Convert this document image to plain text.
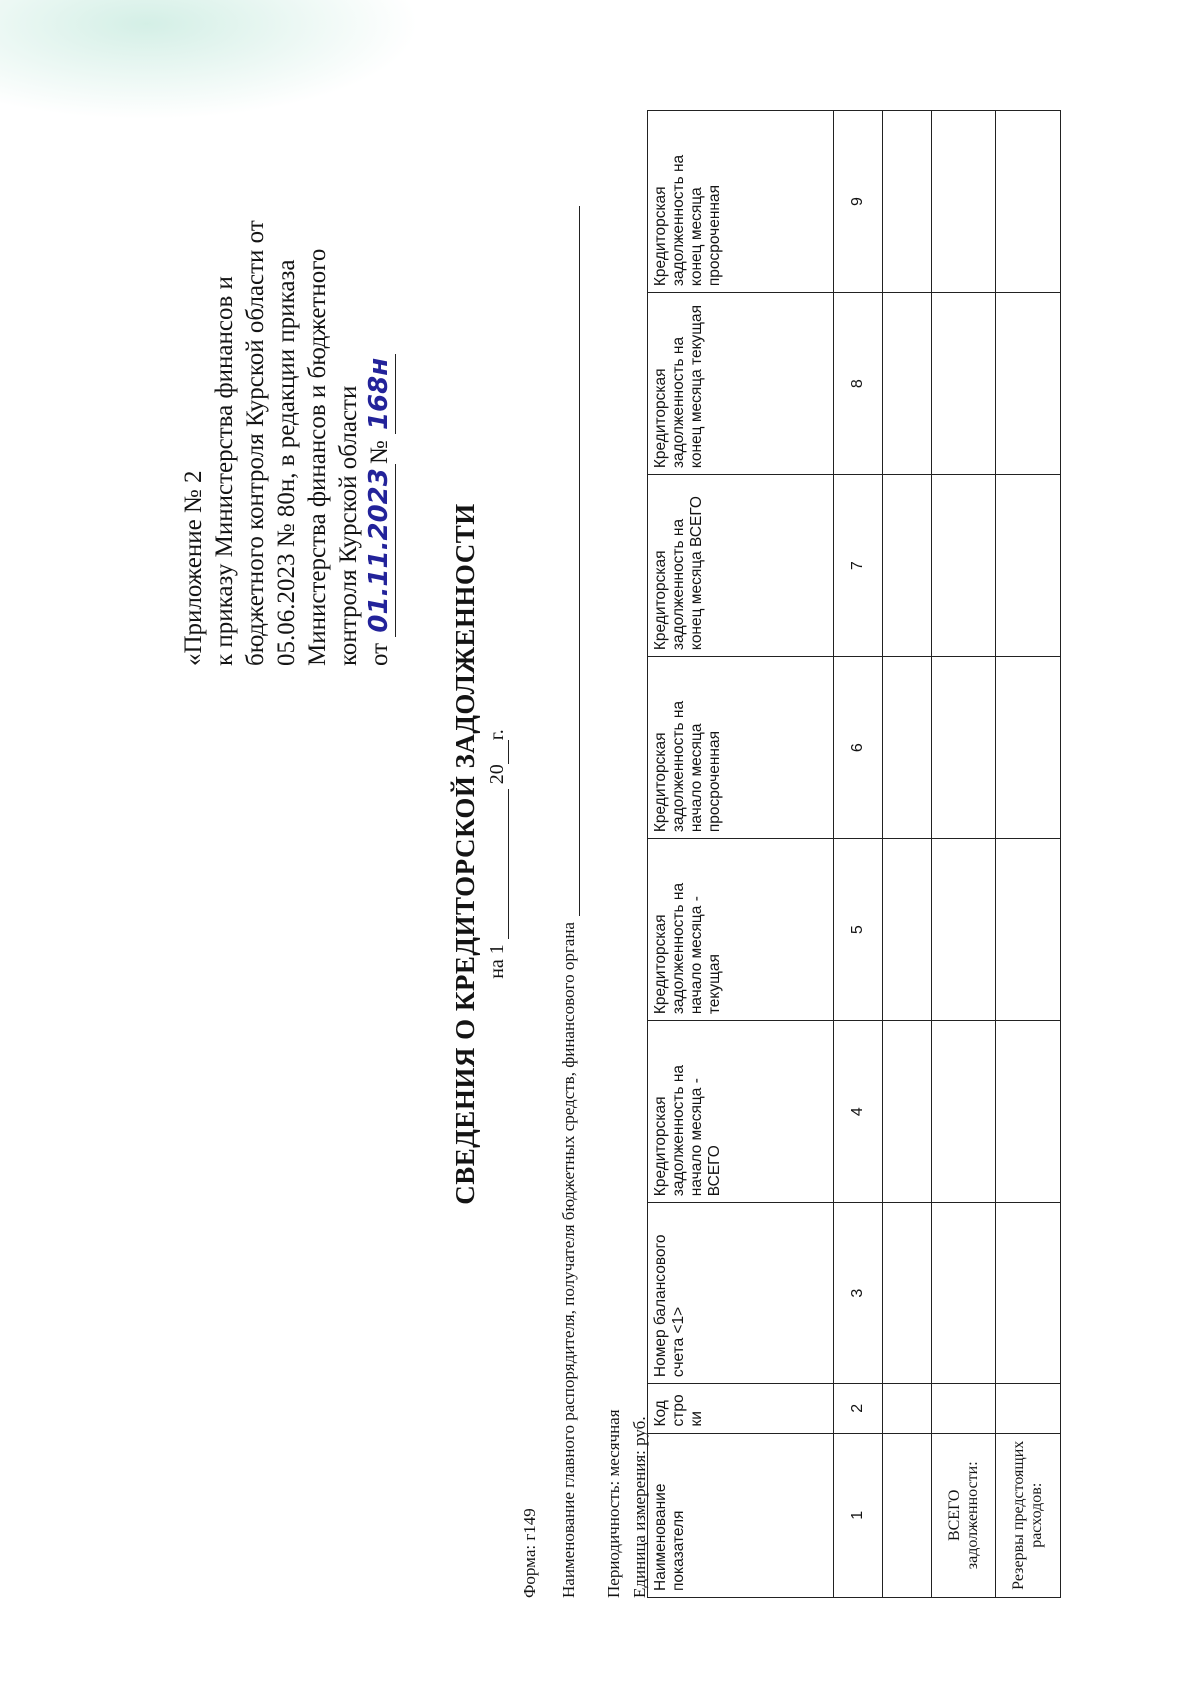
«Приложение № 2 к приказу Министерства финансов и бюджетного контроля Курской области от 05.06.2023 № 80н, в редакции приказа Министерства финансов и бюджетного контроля Курской области от 01.11.2023№ 168н
СВЕДЕНИЯ О КРЕДИТОРСКОЙ ЗАДОЛЖЕННОСТИ на 1   20 г.
Форма: г149 Наименование главного распорядителя, получателя бюджетных средств, финансового органа Периодичность: месячная Единица измерения: руб. Наименование показателя	Код стро ки	Номер балансового счета <1>	Кредиторская задолженность на начало месяца - ВСЕГО	Кредиторская задолженность на начало месяца - текущая	Кредиторская задолженность на начало месяца просроченная	Кредиторская задолженность на конец месяца ВСЕГО	Кредиторская задолженность на конец месяца текущая	Кредиторская задолженность на конец месяца просроченная
1	2	3	4	5	6	7	8	9

ВСЕГО задолженности:								
Резервы предстоящих расходов:								
